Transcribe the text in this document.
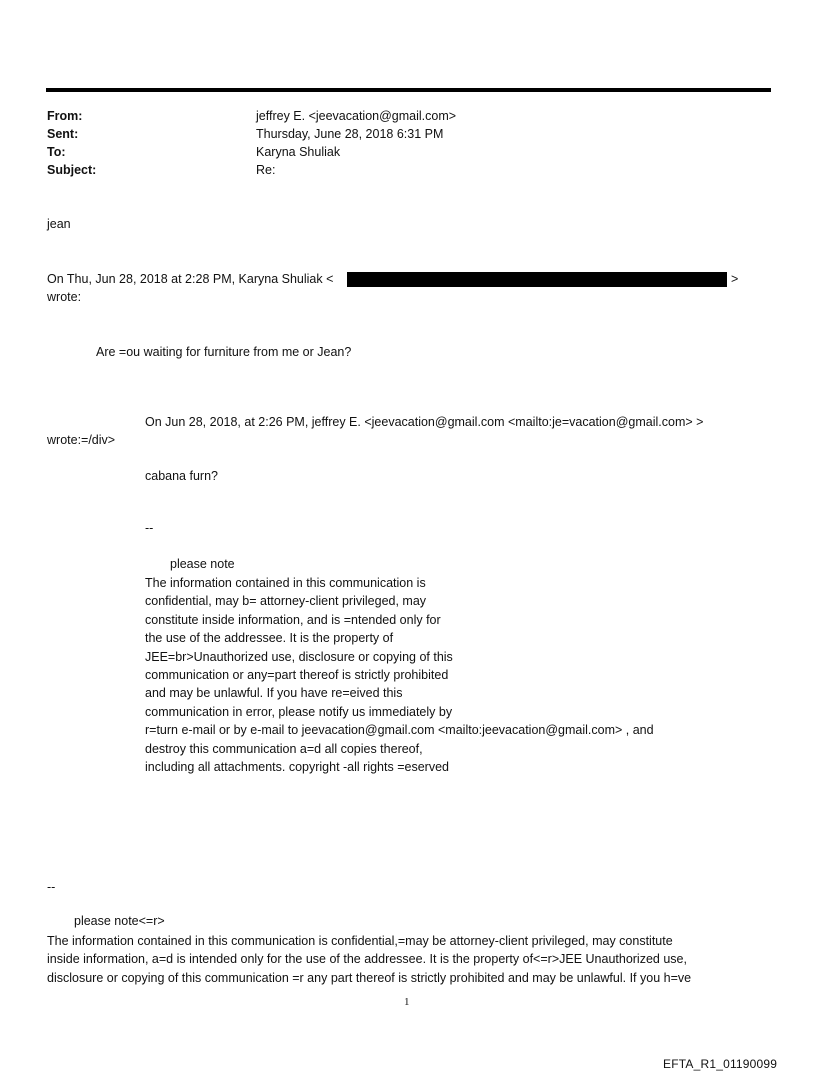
From:	jeffrey E. <jeevacation@gmail.com>
Sent:	Thursday, June 28, 2018 6:31 PM
To:	Karyna Shuliak
Subject:	Re:
jean
On Thu, Jun 28, 2018 at 2:28 PM, Karyna Shuliak <	>
wrote:
Are =ou waiting for furniture from me or Jean?
On Jun 28, 2018, at 2:26 PM, jeffrey E. <jeevacation@gmail.com <mailto:je=vacation@gmail.com> >
wrote:=/div>
cabana furn?
--
please note
The information contained in this communication is
confidential, may b= attorney-client privileged, may
constitute inside information, and is =ntended only for
the use of the addressee. It is the property of
JEE=br>Unauthorized use, disclosure or copying of this
communication or any=part thereof is strictly prohibited
and may be unlawful. If you have re=eived this
communication in error, please notify us immediately by
r=turn e-mail or by e-mail to jeevacation@gmail.com <mailto:jeevacation@gmail.com> , and
destroy this communication a=d all copies thereof,
including all attachments. copyright -all rights =eserved
--
please note<=r>
The information contained in this communication is confidential,=may be attorney-client privileged, may constitute
inside information, a=d is intended only for the use of the addressee. It is the property of<=r>JEE Unauthorized use,
disclosure or copying of this communication =r any part thereof is strictly prohibited and may be unlawful. If you h=ve
1
EFTA_R1_01190099
